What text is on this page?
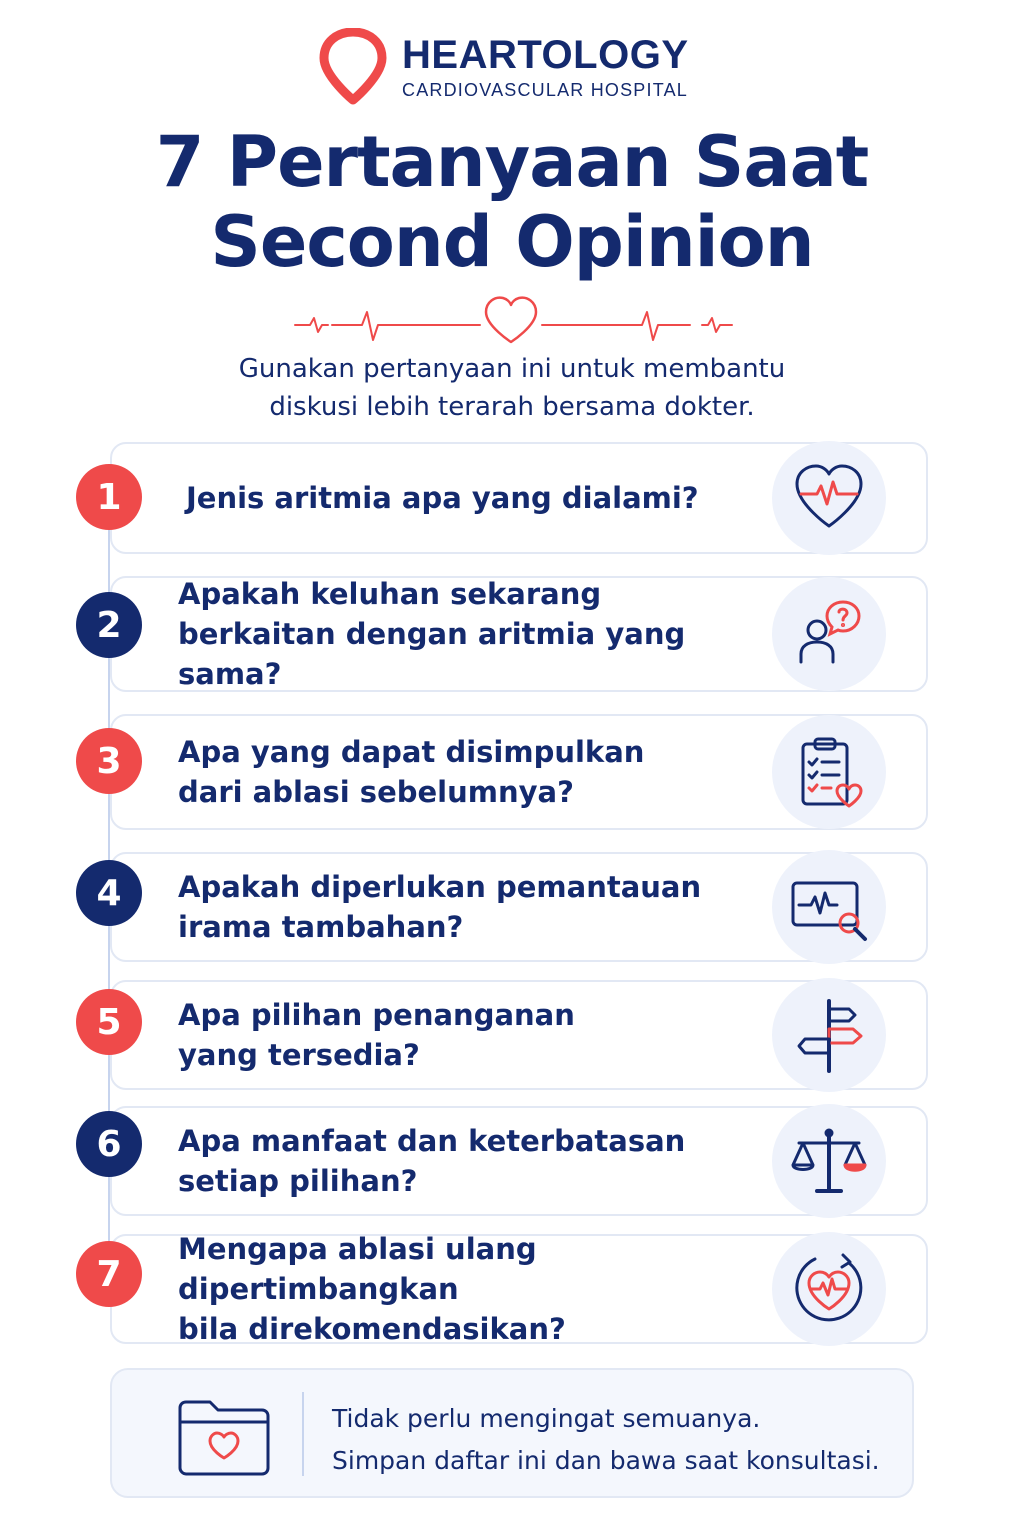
HEARTOLOGY
CARDIOVASCULAR HOSPITAL
7 Pertanyaan Saat
Second Opinion
Gunakan pertanyaan ini untuk membantu
diskusi lebih terarah bersama dokter.
Jenis aritmia apa yang dialami?
1
Apakah keluhan sekarang
berkaitan dengan aritmia yang sama?
2
Apa yang dapat disimpulkan
dari ablasi sebelumnya?
3
Apakah diperlukan pemantauan
irama tambahan?
4
Apa pilihan penanganan
yang tersedia?
5
Apa manfaat dan keterbatasan
setiap pilihan?
6
Mengapa ablasi ulang dipertimbangkan
bila direkomendasikan?
7
Tidak perlu mengingat semuanya.
Simpan daftar ini dan bawa saat konsultasi.
